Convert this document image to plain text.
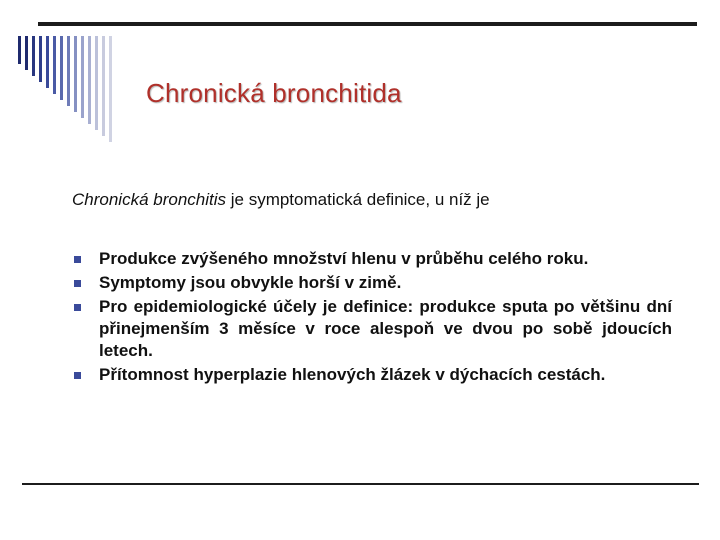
Chronická bronchitida
Chronická bronchitis je symptomatická definice, u níž je
Produkce zvýšeného množství hlenu v průběhu celého roku.
Symptomy jsou obvykle horší v zimě.
Pro epidemiologické účely je definice: produkce sputa po většinu dní přinejmenším 3 měsíce v roce alespoň ve dvou po sobě jdoucích letech.
Přítomnost hyperplazie hlenových žlázek v dýchacích cestách.
